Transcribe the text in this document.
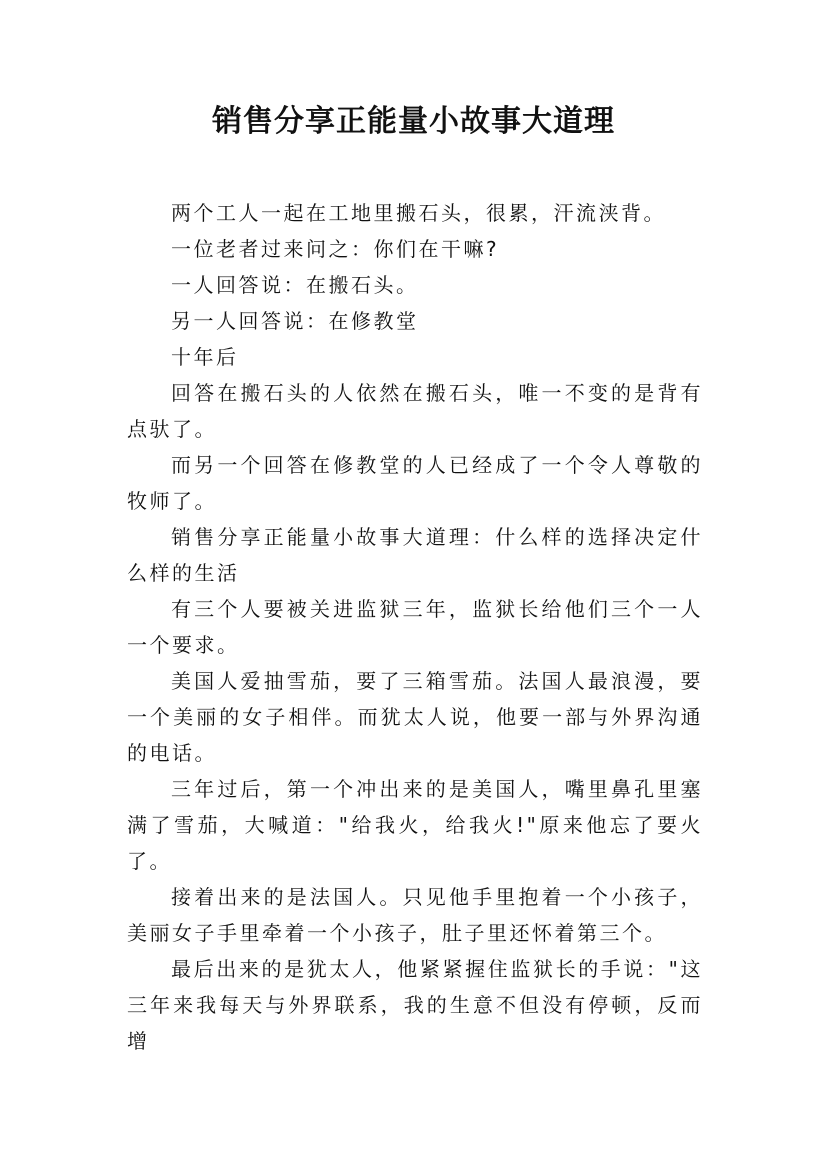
销售分享正能量小故事大道理

两个工人一起在工地里搬石头，很累，汗流浃背。

一位老者过来问之：你们在干嘛?

一人回答说：在搬石头。

另一人回答说：在修教堂

十年后

回答在搬石头的人依然在搬石头，唯一不变的是背有点驮了。

而另一个回答在修教堂的人已经成了一个令人尊敬的牧师了。

销售分享正能量小故事大道理：什么样的选择决定什么样的生活

有三个人要被关进监狱三年，监狱长给他们三个一人一个要求。

美国人爱抽雪茄，要了三箱雪茄。法国人最浪漫，要一个美丽的女子相伴。而犹太人说，他要一部与外界沟通的电话。

三年过后，第一个冲出来的是美国人，嘴里鼻孔里塞满了雪茄，大喊道："给我火，给我火!"原来他忘了要火了。

接着出来的是法国人。只见他手里抱着一个小孩子，美丽女子手里牵着一个小孩子，肚子里还怀着第三个。

最后出来的是犹太人，他紧紧握住监狱长的手说："这三年来我每天与外界联系，我的生意不但没有停顿，反而增
